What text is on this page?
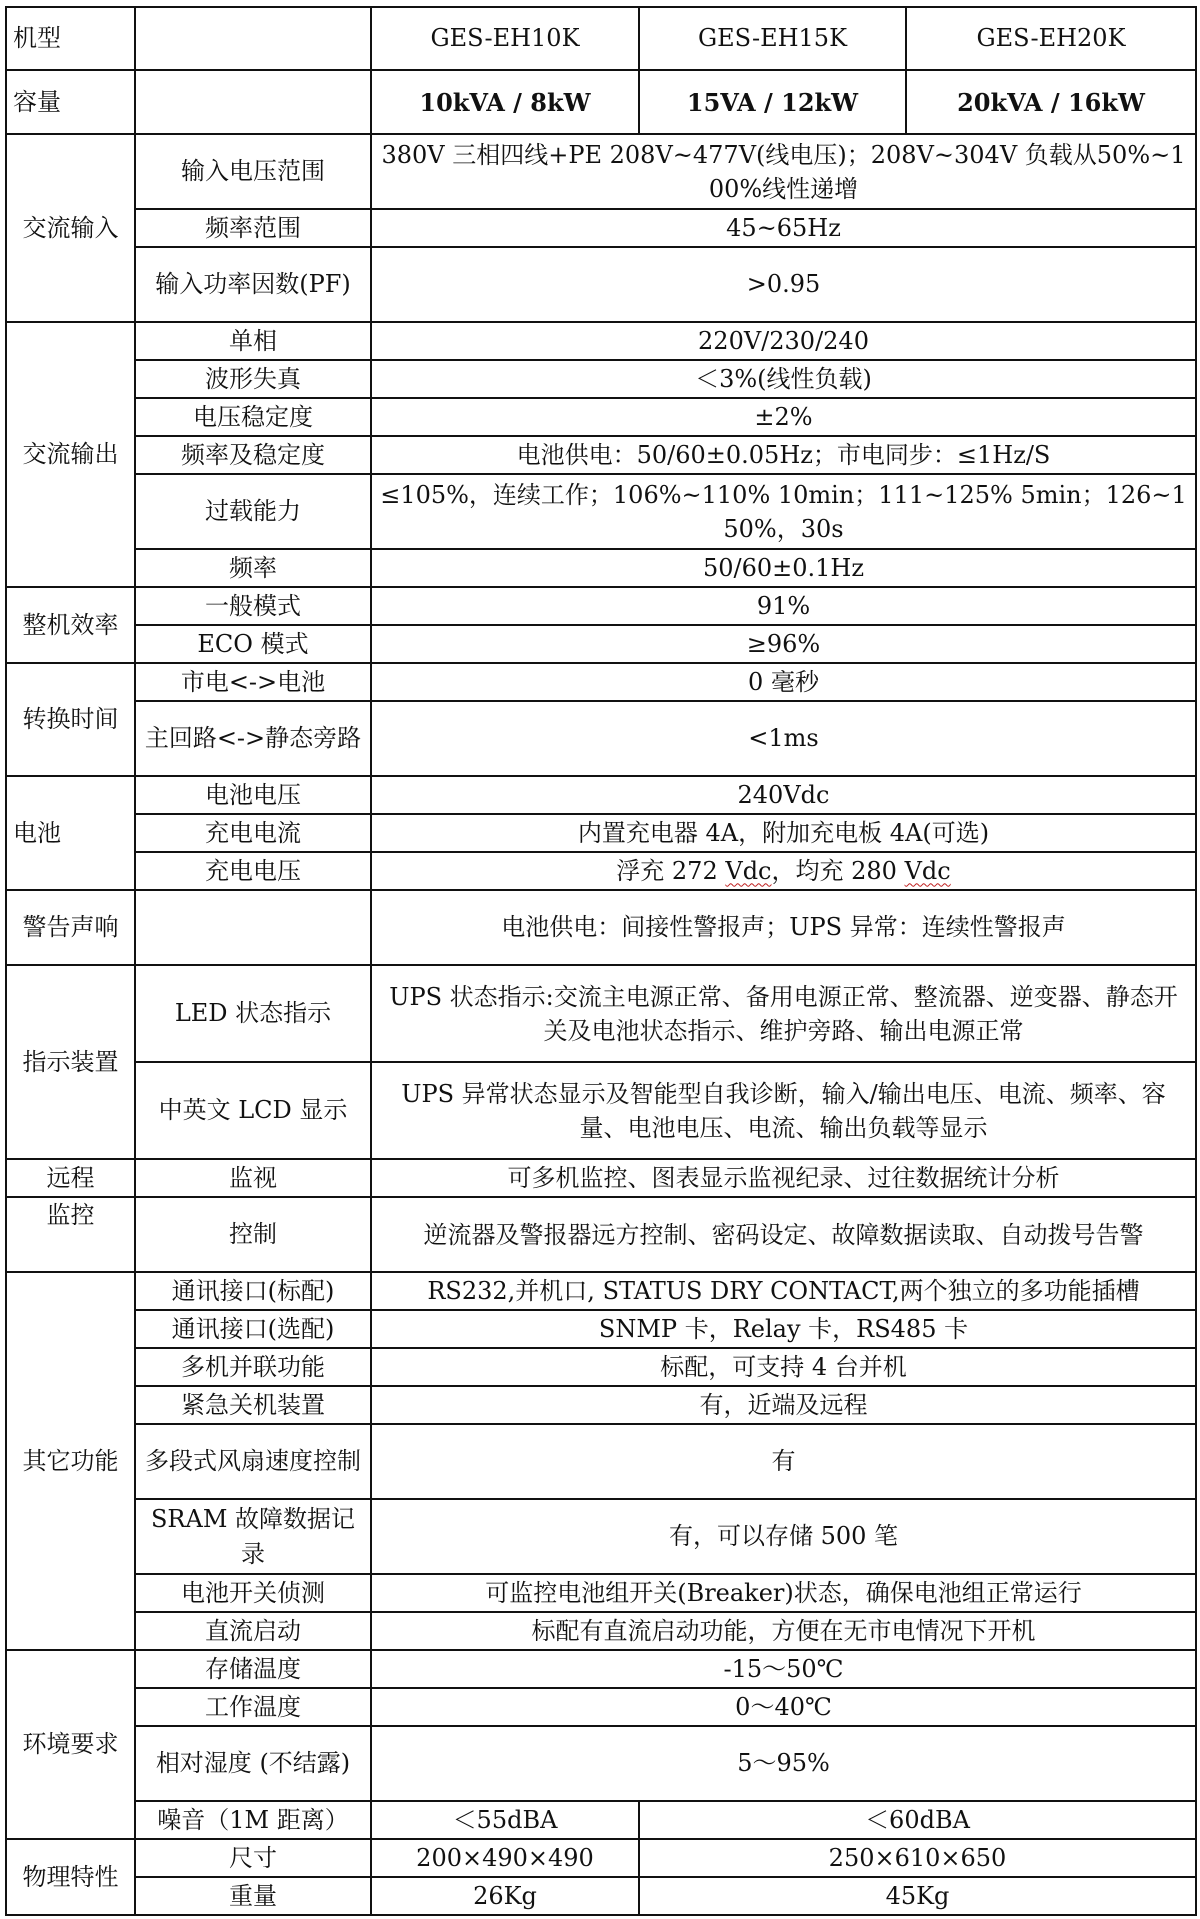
机型		GES-EH10K	GES-EH15K	GES-EH20K
容量		10kVA / 8kW	15VA / 12kW	20kVA / 16kW
交流输入	输入电压范围	380V 三相四线+PE 208V~477V(线电压)；208V~304V 负载从50%~100%线性递增		
	频率范围	45~65Hz		
	输入功率因数(PF)	>0.95		
交流输出	单相	220V/230/240		
	波形失真	＜3%(线性负载)		
	电压稳定度	±2%		
	频率及稳定度	电池供电：50/60±0.05Hz；市电同步：≤1Hz/S		
	过载能力	≤105%，连续工作；106%~110% 10min；111~125% 5min；126~150%，30s		
	频率	50/60±0.1Hz		
整机效率	一般模式	91%		
	ECO 模式	≥96%		
转换时间	市电<->电池	0 毫秒		
	主回路<->静态旁路	<1ms		
电池	电池电压	240Vdc		
	充电电流	内置充电器 4A，附加充电板 4A(可选)		
	充电电压	浮充 272 Vdc，均充 280 Vdc		
警告声响		电池供电：间接性警报声；UPS 异常：连续性警报声		
指示装置	LED 状态指示	UPS 状态指示:交流主电源正常、备用电源正常、整流器、逆变器、静态开关及电池状态指示、维护旁路、输出电源正常		
	中英文 LCD 显示	UPS 异常状态显示及智能型自我诊断，输入/输出电压、电流、频率、容量、电池电压、电流、输出负载等显示		
远程	监视	可多机监控、图表显示监视纪录、过往数据统计分析		
监控	控制	逆流器及警报器远方控制、密码设定、故障数据读取、自动拨号告警		
其它功能	通讯接口(标配)	RS232,并机口, STATUS DRY CONTACT,两个独立的多功能插槽		
	通讯接口(选配)	SNMP 卡，Relay 卡，RS485 卡		
	多机并联功能	标配，可支持 4 台并机		
	紧急关机装置	有，近端及远程		
	多段式风扇速度控制	有		
	SRAM 故障数据记录	有，可以存储 500 笔		
	电池开关侦测	可监控电池组开关(Breaker)状态，确保电池组正常运行		
	直流启动	标配有直流启动功能，方便在无市电情况下开机		
环境要求	存储温度	-15～50℃		
	工作温度	0～40℃		
	相对湿度 (不结露)	5～95%		
	噪音（1M 距离）	＜55dBA	＜60dBA	
物理特性	尺寸	200×490×490	250×610×650	
	重量	26Kg	45Kg	
